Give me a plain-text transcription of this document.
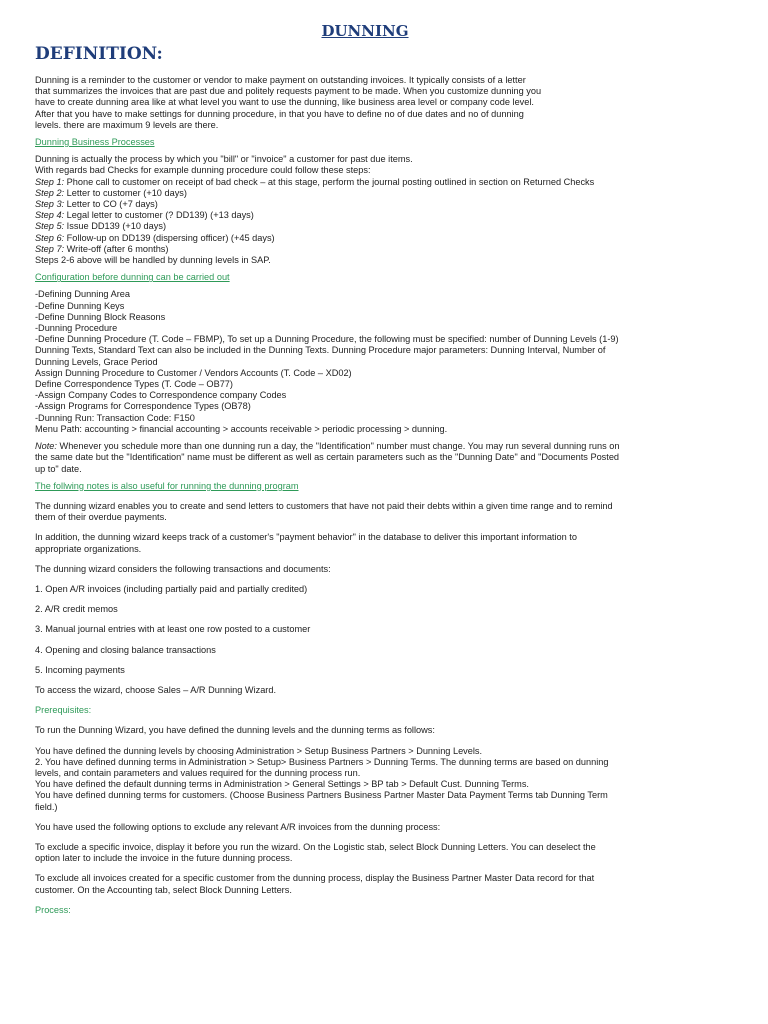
DUNNING
DEFINITION:

Dunning is a reminder to the customer or vendor to make payment on outstanding invoices. It typically consists of a letter

that summarizes the invoices that are past due and politely requests payment to be made. When you customize dunning you

have to create dunning area like at what level you want to use the dunning, like business area level or company code level.

After that you have to make settings for dunning procedure, in that you have to define no of due dates and no of dunning

levels. there are maximum 9 levels are there.

Dunning Business Processes

Dunning is actually the process by which you "bill" or "invoice" a customer for past due items.

With regards bad Checks for example dunning procedure could follow these steps:

Step 1: Phone call to customer on receipt of bad check – at this stage, perform the journal posting outlined in section on Returned Checks

Step 2: Letter to customer (+10 days)

Step 3: Letter to CO (+7 days)

Step 4: Legal letter to customer (? DD139) (+13 days)

Step 5: Issue DD139 (+10 days)

Step 6: Follow-up on DD139 (dispersing officer) (+45 days)

Step 7: Write-off (after 6 months)

Steps 2-6 above will be handled by dunning levels in SAP.

Configuration before dunning can be carried out

-Defining Dunning Area

-Define Dunning Keys

-Define Dunning Block Reasons

-Dunning Procedure

-Define Dunning Procedure (T. Code – FBMP), To set up a Dunning Procedure, the following must be specified: number of Dunning Levels (1-9)

Dunning Texts, Standard Text can also be included in the Dunning Texts. Dunning Procedure major parameters: Dunning Interval, Number of

Dunning Levels, Grace Period

Assign Dunning Procedure to Customer / Vendors Accounts (T. Code – XD02)

Define Correspondence Types (T. Code – OB77)

-Assign Company Codes to Correspondence company Codes

-Assign Programs for Correspondence Types (OB78)

-Dunning Run: Transaction Code: F150

Menu Path: accounting > financial accounting > accounts receivable > periodic processing > dunning.

Note: Whenever you schedule more than one dunning run a day, the "Identification" number must change. You may run several dunning runs on

the same date but the "Identification" name must be different as well as certain parameters such as the "Dunning Date" and "Documents Posted

up to" date.

The follwing notes is also useful for running the dunning program

The dunning wizard enables you to create and send letters to customers that have not paid their debts within a given time range and to remind

them of their overdue payments.

In addition, the dunning wizard keeps track of a customer's "payment behavior" in the database to deliver this important information to

appropriate organizations.

The dunning wizard considers the following transactions and documents:

1. Open A/R invoices (including partially paid and partially credited)

2. A/R credit memos

3. Manual journal entries with at least one row posted to a customer

4. Opening and closing balance transactions

5. Incoming payments

To access the wizard, choose Sales – A/R Dunning Wizard.

Prerequisites:

To run the Dunning Wizard, you have defined the dunning levels and the dunning terms as follows:

You have defined the dunning levels by choosing Administration > Setup Business Partners > Dunning Levels.

2. You have defined dunning terms in Administration > Setup> Business Partners > Dunning Terms. The dunning terms are based on dunning

levels, and contain parameters and values required for the dunning process run.

You have defined the default dunning terms in Administration > General Settings > BP tab > Default Cust. Dunning Terms.

You have defined dunning terms for customers. (Choose Business Partners Business Partner Master Data Payment Terms tab Dunning Term

field.)

You have used the following options to exclude any relevant A/R invoices from the dunning process:

To exclude a specific invoice, display it before you run the wizard. On the Logistic stab, select Block Dunning Letters. You can deselect the

option later to include the invoice in the future dunning process.

To exclude all invoices created for a specific customer from the dunning process, display the Business Partner Master Data record for that

customer. On the Accounting tab, select Block Dunning Letters.

Process:
